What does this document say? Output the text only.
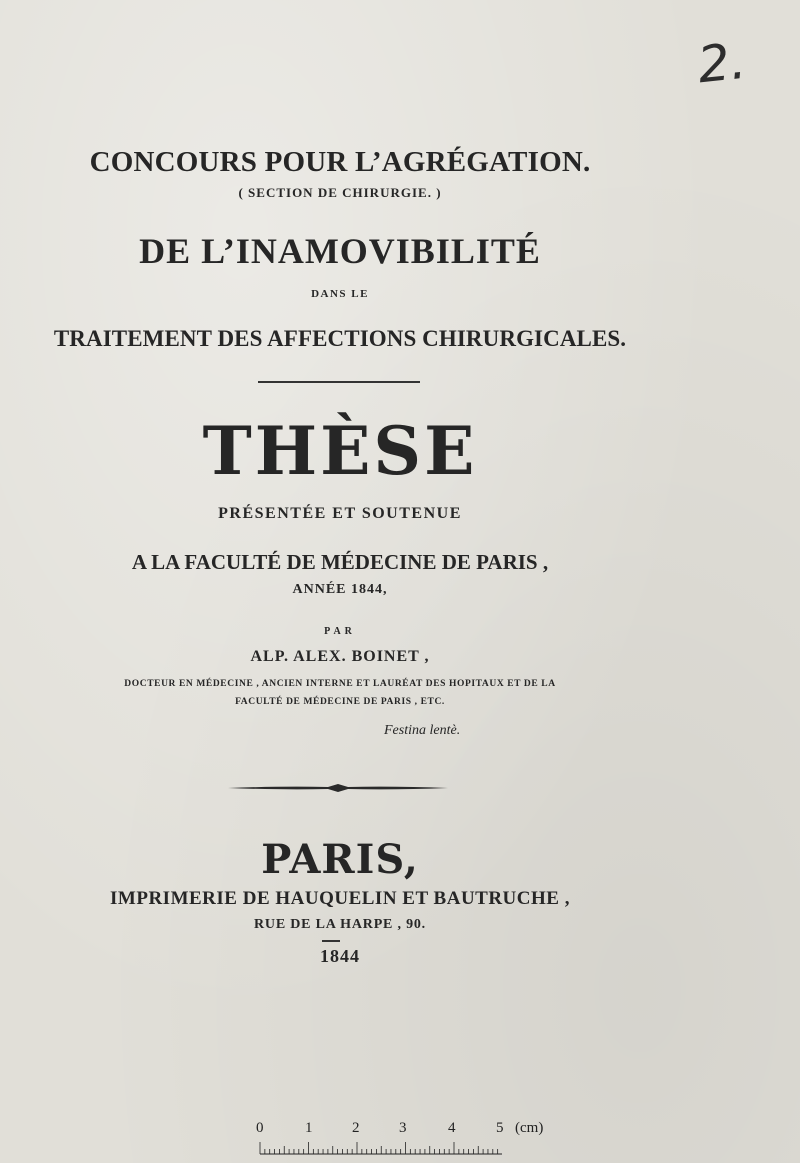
2.
CONCOURS POUR L’AGRÉGATION.
( SECTION DE CHIRURGIE. )
DE L’INAMOVIBILITÉ
DANS LE
TRAITEMENT DES AFFECTIONS CHIRURGICALES.
THÈSE
PRÉSENTÉE ET SOUTENUE
A LA FACULTÉ DE MÉDECINE DE PARIS ,
ANNÉE 1844,
PAR
ALP. ALEX. BOINET ,
DOCTEUR EN MÉDECINE , ANCIEN INTERNE ET LAURÉAT DES HOPITAUX ET DE LA
FACULTÉ DE MÉDECINE DE PARIS , ETC.
Festina lentè.
PARIS,
IMPRIMERIE DE HAUQUELIN ET BAUTRUCHE ,
RUE DE LA HARPE , 90.
1844
0	1	2	3	4	5 (cm)
